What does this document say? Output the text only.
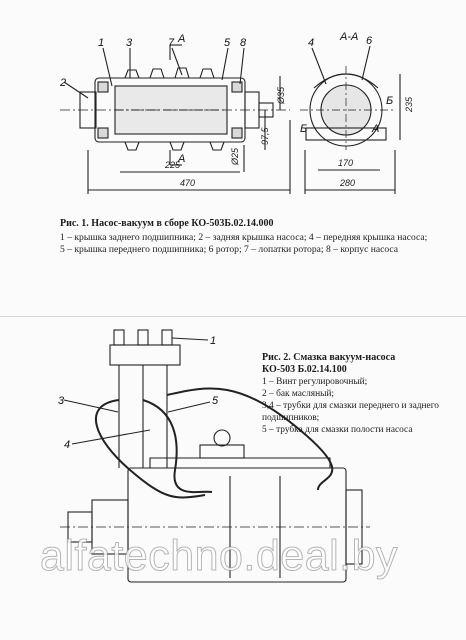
1
2
3	7	5 8	6
4 А-А
А
А
Б
Б
А
470
225
280
170
97,5
235
Ø25
Ø35
1
3	5
4
Рис. 1. Насос-вакуум в сборе КО-503Б.02.14.000
1 – крышка заднего подшипника; 2 – задняя крышка насоса; 4 – передняя крышка насоса;
5 – крышка переднего подшипника; 6 ротор; 7 – лопатки ротора; 8 – корпус насоса
Рис. 2. Смазка вакуум-насоса
КО-503 Б.02.14.100
1 – Винт регулировочный;
2 – бак масляный;
3,4 – трубки для смазки переднего и заднего подшипников;
5 – трубка для смазки полости насоса
alfatechno.deal.by
